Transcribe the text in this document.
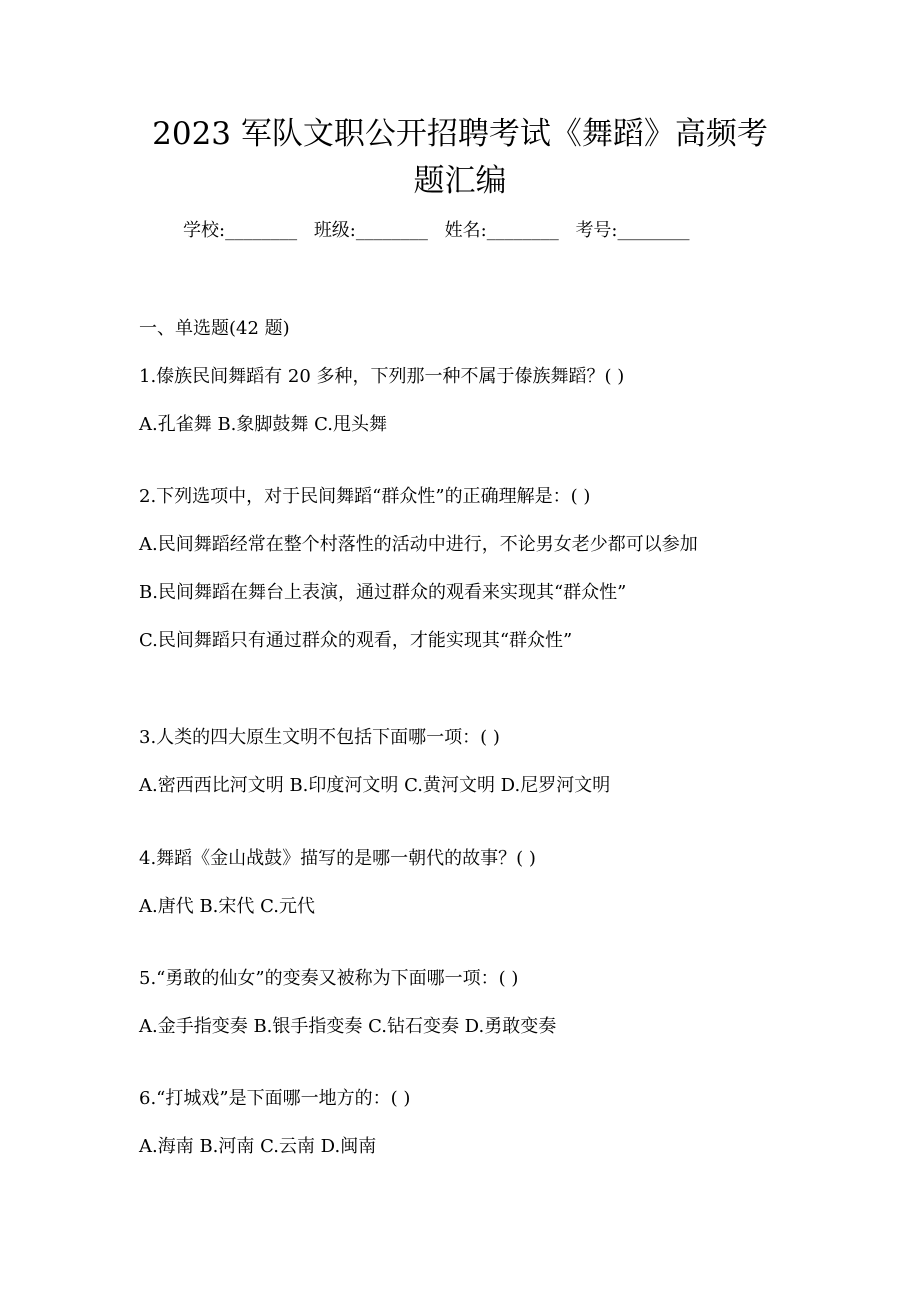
2023 军队文职公开招聘考试《舞蹈》高频考
题汇编
学校:________ 班级:________ 姓名:________ 考号:________
一、单选题(42 题)
1.傣族民间舞蹈有 20 多种，下列那一种不属于傣族舞蹈？( )
A.孔雀舞 B.象脚鼓舞 C.甩头舞
2.下列选项中，对于民间舞蹈“群众性”的正确理解是：( )
A.民间舞蹈经常在整个村落性的活动中进行，不论男女老少都可以参加
B.民间舞蹈在舞台上表演，通过群众的观看来实现其“群众性”
C.民间舞蹈只有通过群众的观看，才能实现其“群众性”
3.人类的四大原生文明不包括下面哪一项：( )
A.密西西比河文明 B.印度河文明 C.黄河文明 D.尼罗河文明
4.舞蹈《金山战鼓》描写的是哪一朝代的故事？( )
A.唐代 B.宋代 C.元代
5.“勇敢的仙女”的变奏又被称为下面哪一项：( )
A.金手指变奏 B.银手指变奏 C.钻石变奏 D.勇敢变奏
6.“打城戏”是下面哪一地方的：( )
A.海南 B.河南 C.云南 D.闽南
